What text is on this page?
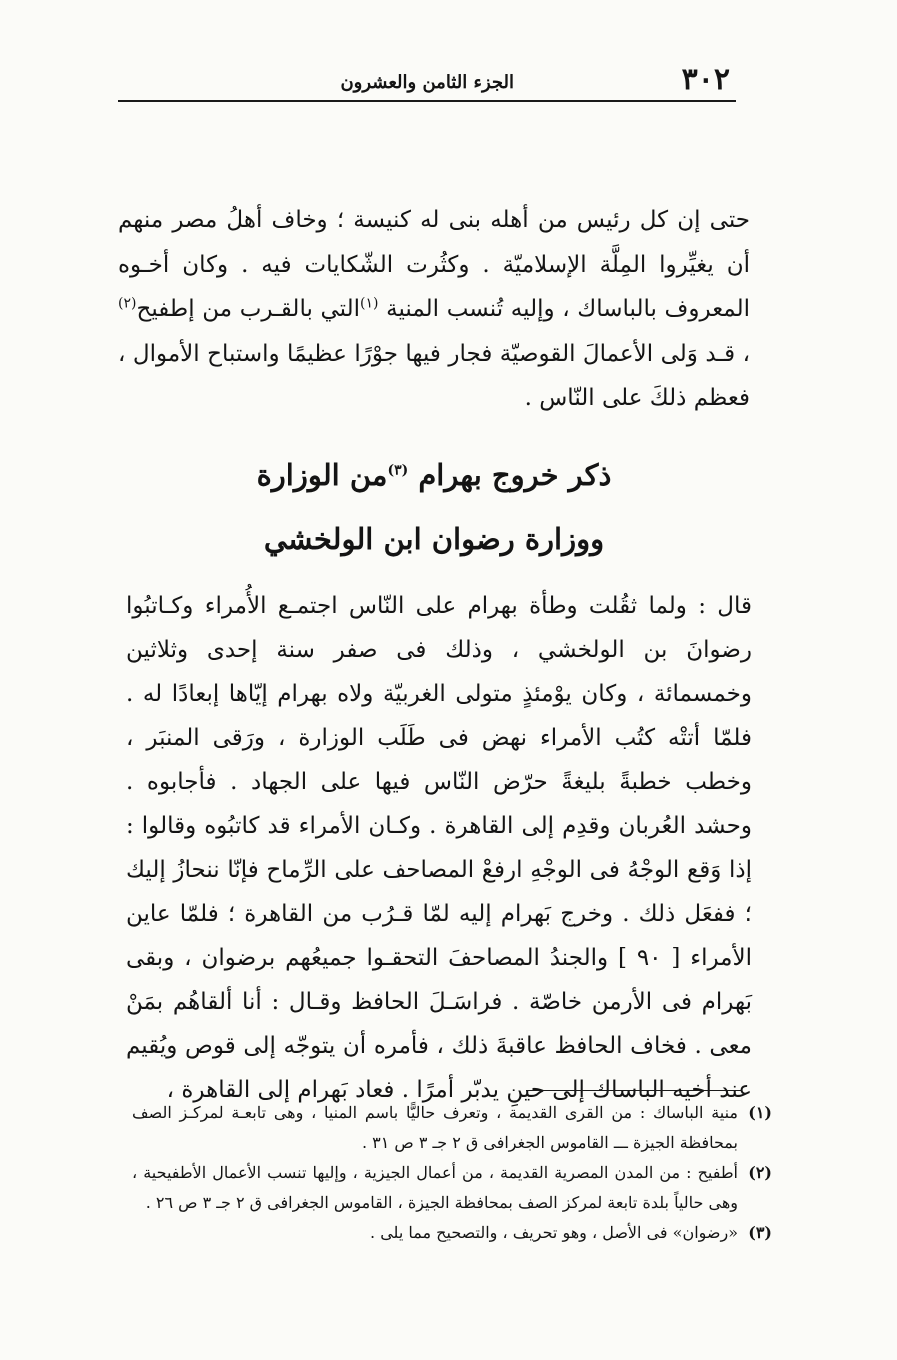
٣٠٢
الجزء الثامن والعشرون

حتى إن كل رئيس من أهله بنى له كنيسة ؛ وخاف أهلُ مصر منهم أن يغيِّروا المِلَّة الإسلاميّة . وكثُرت الشّكايات فيه . وكان أخـوه المعروف بالباساك ، وإليه تُنسب المنية $^{(١)}$التي بالقـرب من إطفيح$^{(٢)}$ ، قـد وَلى الأعمالَ القوصيّة فجار فيها جوْرًا عظيمًا واستباح الأموال ، فعظم ذلكَ على النّاس .

ذكر خروج بهرام $^{(٣)}$من الوزارة
ووزارة رضوان ابن الولخشي

قال : ولما ثقُلت وطأة بهرام على النّاس اجتمـع الأُمراء وكـاتبُوا رضوانَ بن الولخشي ، وذلك فى صفر سنة إحدى وثلاثين وخمسمائة ، وكان يوْمئذٍ متولى الغربيّة ولاه بهرام إيّاها إبعادًا له . فلمّا أتتْه كتُب الأمراء نهض فى طَلَب الوزارة ، ورَقى المنبَر ، وخطب خطبةً بليغةً حرّض النّاس فيها على الجهاد . فأجابوه . وحشد العُربان وقدِم إلى القاهرة . وكـان الأمراء قد كاتبُوه وقالوا : إذا وَقع الوجْهُ فى الوجْهِ ارفعْ المصاحف على الرِّماح فإنّا ننحازُ إليك ؛ ففعَل ذلك . وخرج بَهرام إليه لمّا قـرُب من القاهرة ؛ فلمّا عاين الأمراء [ ٩٠ ] والجندُ المصاحفَ التحقـوا جميعُهم برضوان ، وبقى بَهرام فى الأرمن خاصّة . فراسَـلَ الحافظ وقـال : أنا ألقاهُم بمَنْ معى . فخاف الحافظ عاقبةَ ذلك ، فأمره أن يتوجّه إلى قوص ويُقيم عند أخيه الباساك إلى حينِ يدبّر أمرًا . فعاد بَهرام إلى القاهرة ،

(١)
منية الباساك : من القرى القديمة ، وتعرف حاليًّا باسم المنيا ، وهى تابعـة لمركـز الصف بمحافظة الجيزة ـــ القاموس الجغرافى ق ٢ جـ ٣ ص ٣١ .
(٢)
أطفيح : من المدن المصرية القديمة ، من أعمال الجيزية ، وإليها تنسب الأعمال الأطفيحية ، وهى حالياً بلدة تابعة لمركز الصف بمحافظة الجيزة ، القاموس الجغرافى ق ٢ جـ ٣ ص ٢٦ .
(٣)
«رضوان» فى الأصل ، وهو تحريف ، والتصحيح مما يلى .
